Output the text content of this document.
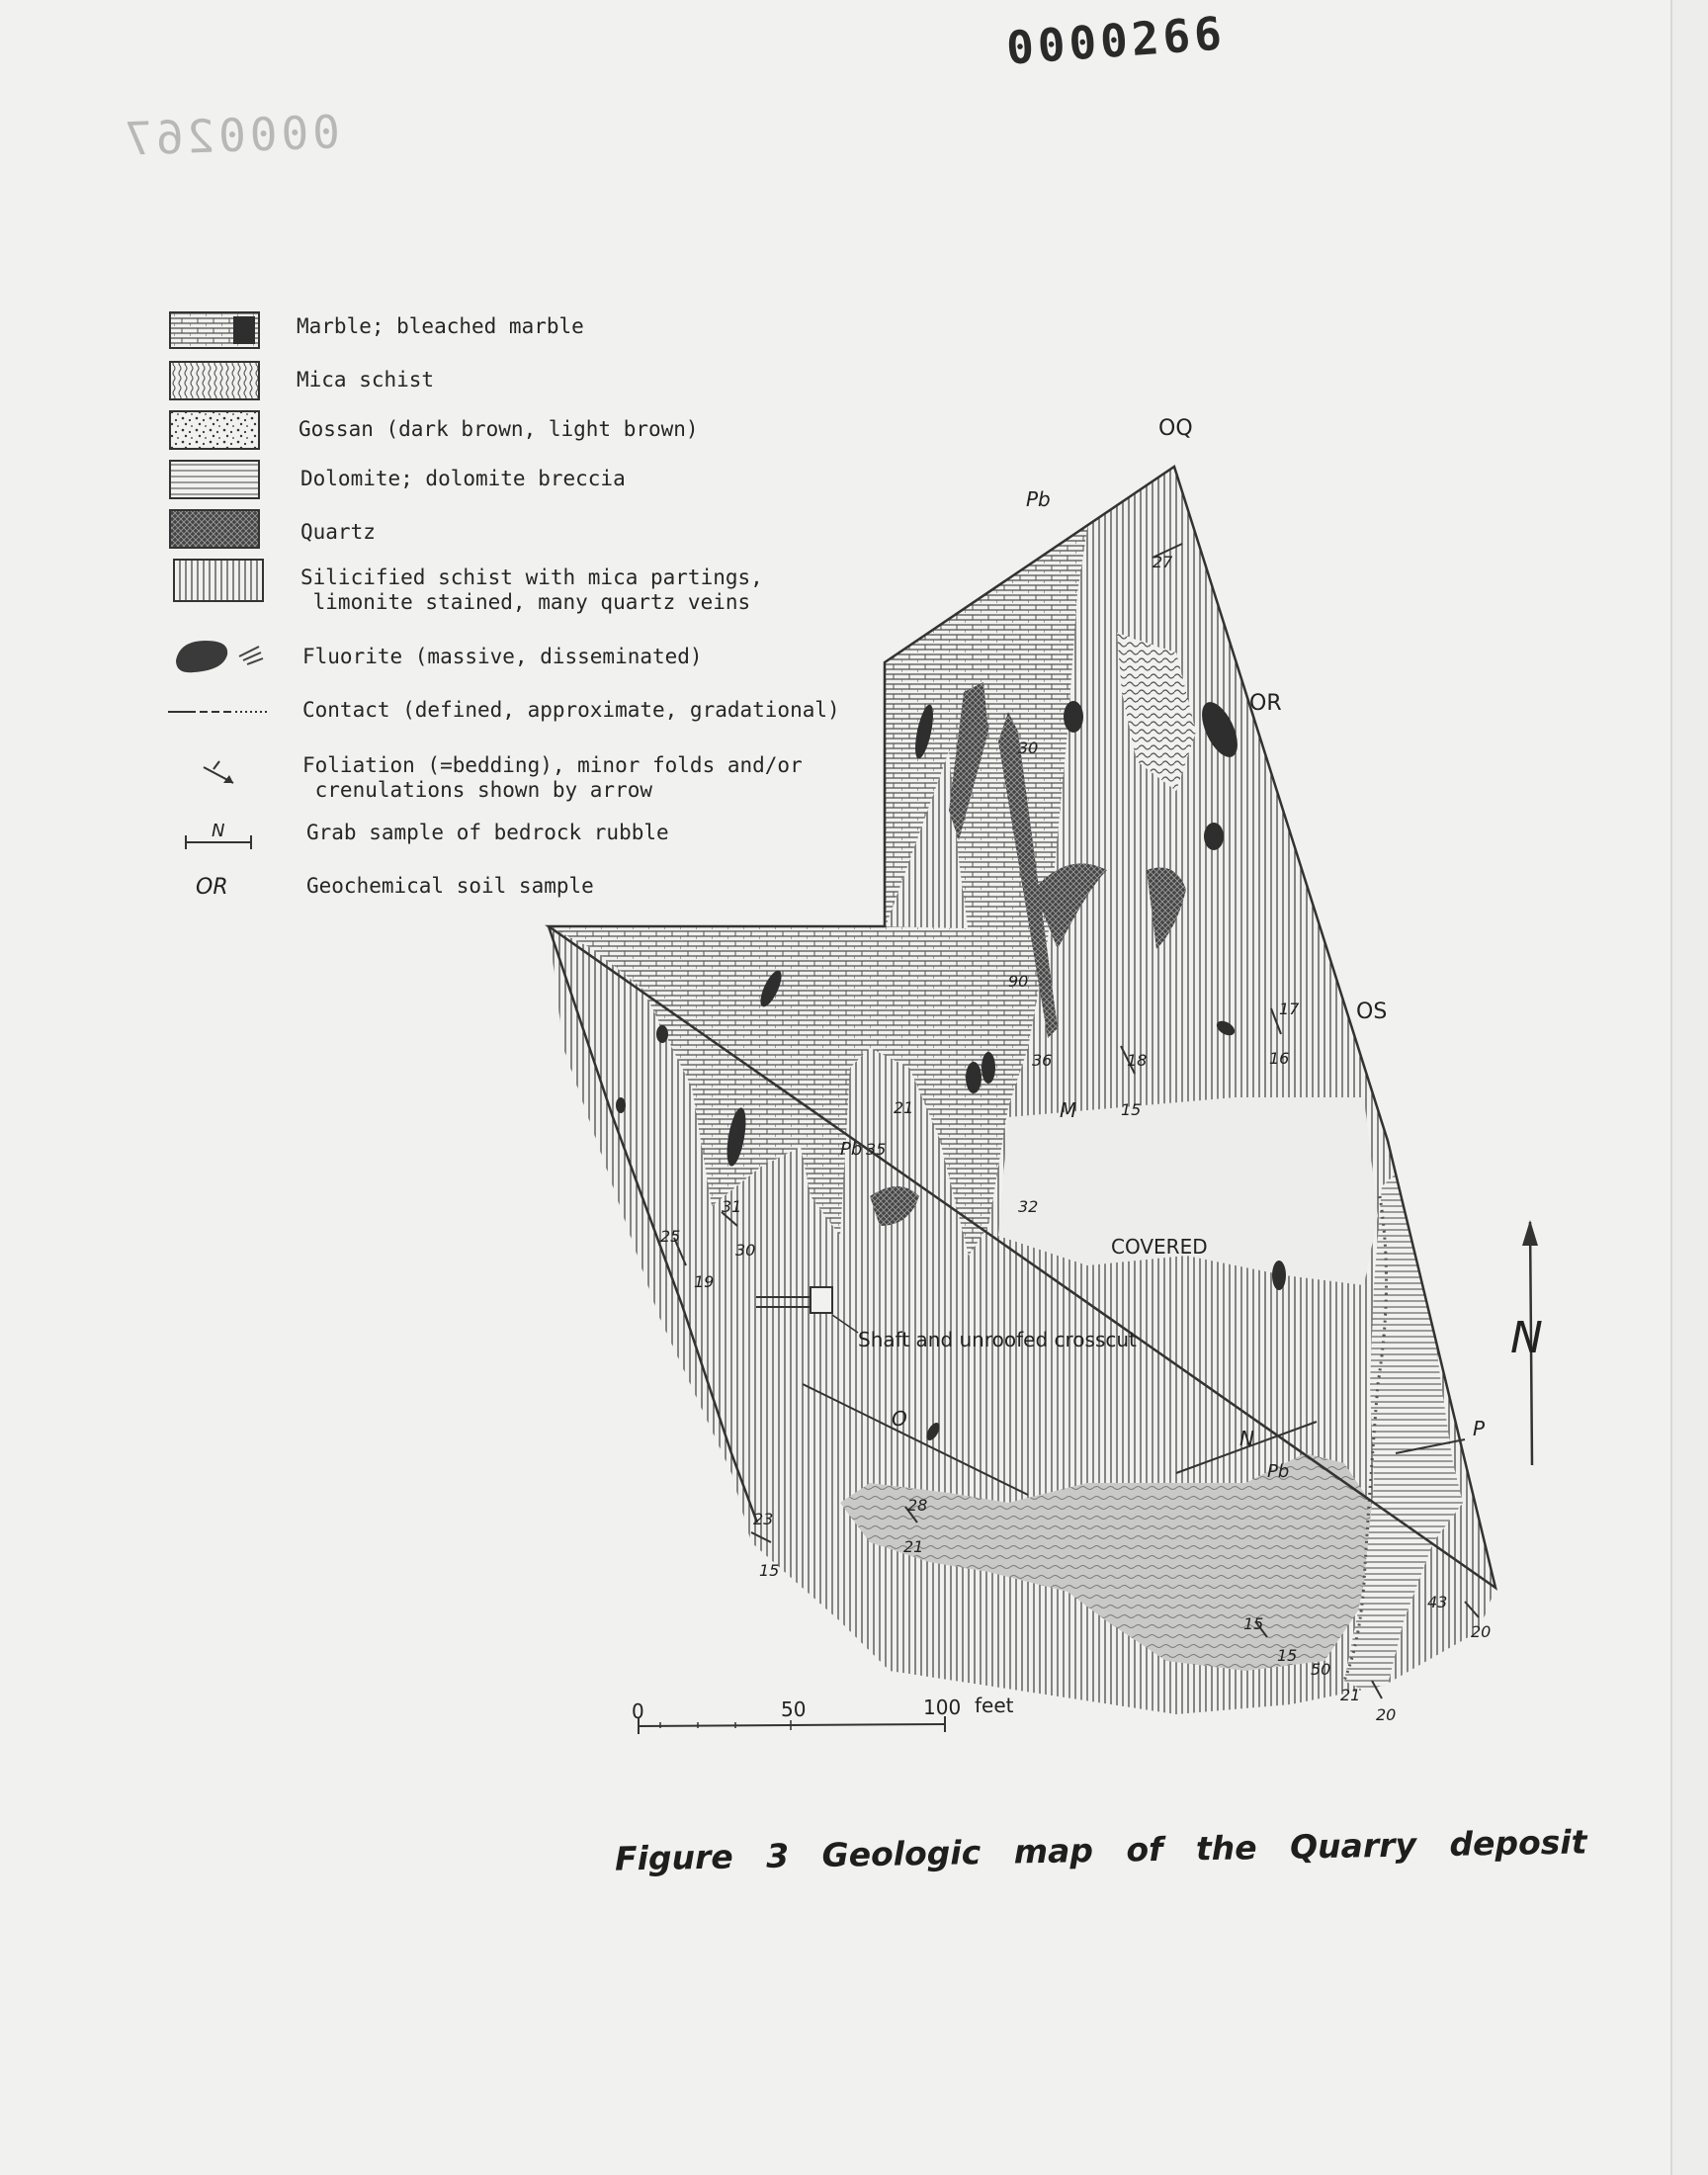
0000266
0000267
N
OR
OQ
OR
OS
Pb
Pb
Pb
M
COVERED
Shaft and unroofed crosscut
O
N	P
27
30
90
36	18
15
17
16
21
35
32
31
30
25
19
23
15
28
21
15
15
50
21
20
43
20
N
0	50	100 feet
Marble; bleached marble
Mica schist
Gossan (dark brown, light brown)
Dolomite; dolomite breccia
Quartz
Silicified schist with mica partings,
limonite stained, many quartz veins
Fluorite (massive, disseminated)
Contact (defined, approximate, gradational)
Foliation (=bedding), minor folds and/or
crenulations shown by arrow
Grab sample of bedrock rubble
Geochemical soil sample
Figure 3 Geologic map of the Quarry deposit
